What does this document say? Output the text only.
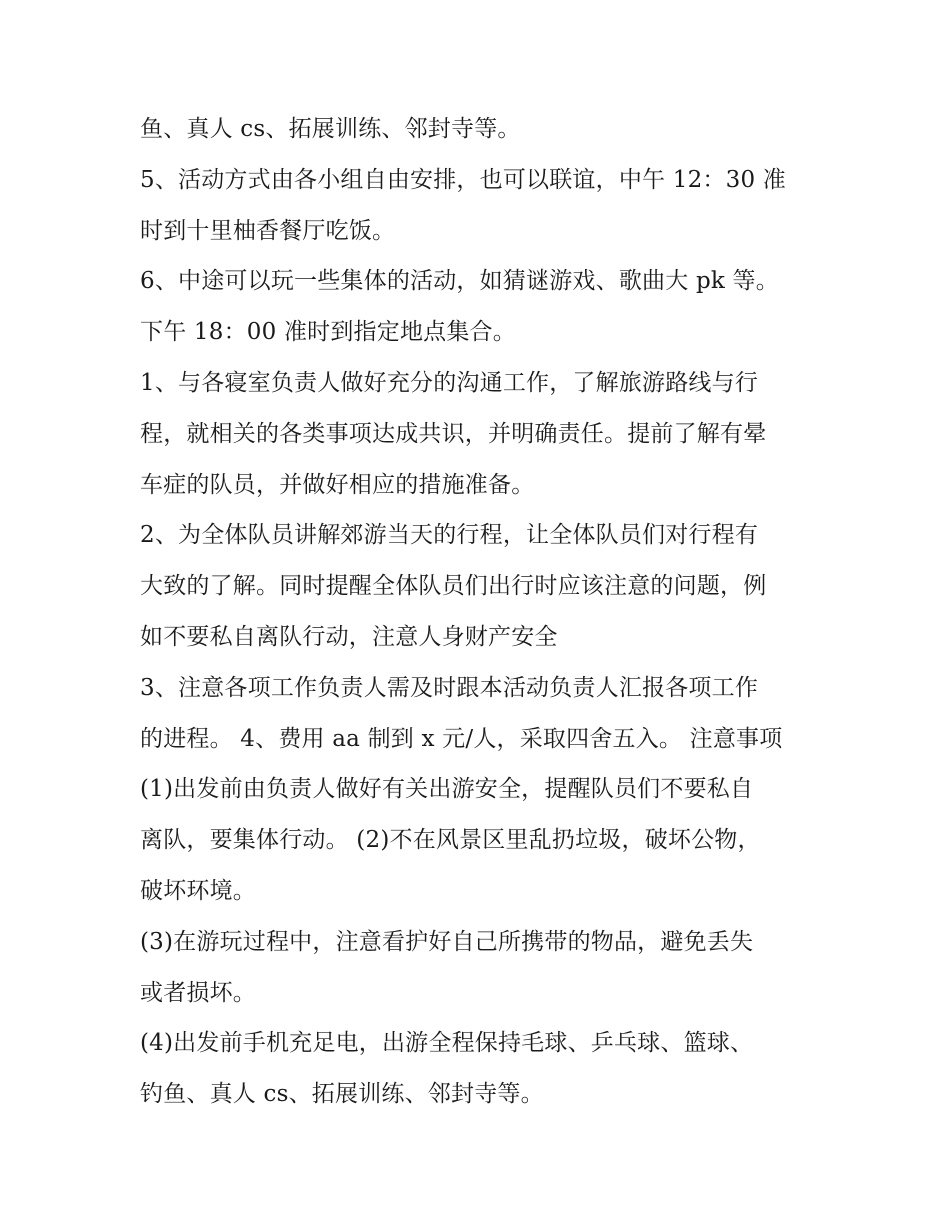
鱼、真人 cs、拓展训练、邻封寺等。
5、活动方式由各小组自由安排，也可以联谊，中午 12：30 准
时到十里柚香餐厅吃饭。
6、中途可以玩一些集体的活动，如猜谜游戏、歌曲大 pk 等。
下午 18：00 准时到指定地点集合。
1、与各寝室负责人做好充分的沟通工作，了解旅游路线与行
程，就相关的各类事项达成共识，并明确责任。提前了解有晕
车症的队员，并做好相应的措施准备。
2、为全体队员讲解郊游当天的行程，让全体队员们对行程有
大致的了解。同时提醒全体队员们出行时应该注意的问题，例
如不要私自离队行动，注意人身财产安全
3、注意各项工作负责人需及时跟本活动负责人汇报各项工作
的进程。 4、费用 aa 制到 x 元/人，采取四舍五入。 注意事项
(1)出发前由负责人做好有关出游安全，提醒队员们不要私自
离队，要集体行动。 (2)不在风景区里乱扔垃圾，破坏公物，
破坏环境。
(3)在游玩过程中，注意看护好自己所携带的物品，避免丢失
或者损坏。
(4)出发前手机充足电，出游全程保持毛球、乒乓球、篮球、
钓鱼、真人 cs、拓展训练、邻封寺等。
